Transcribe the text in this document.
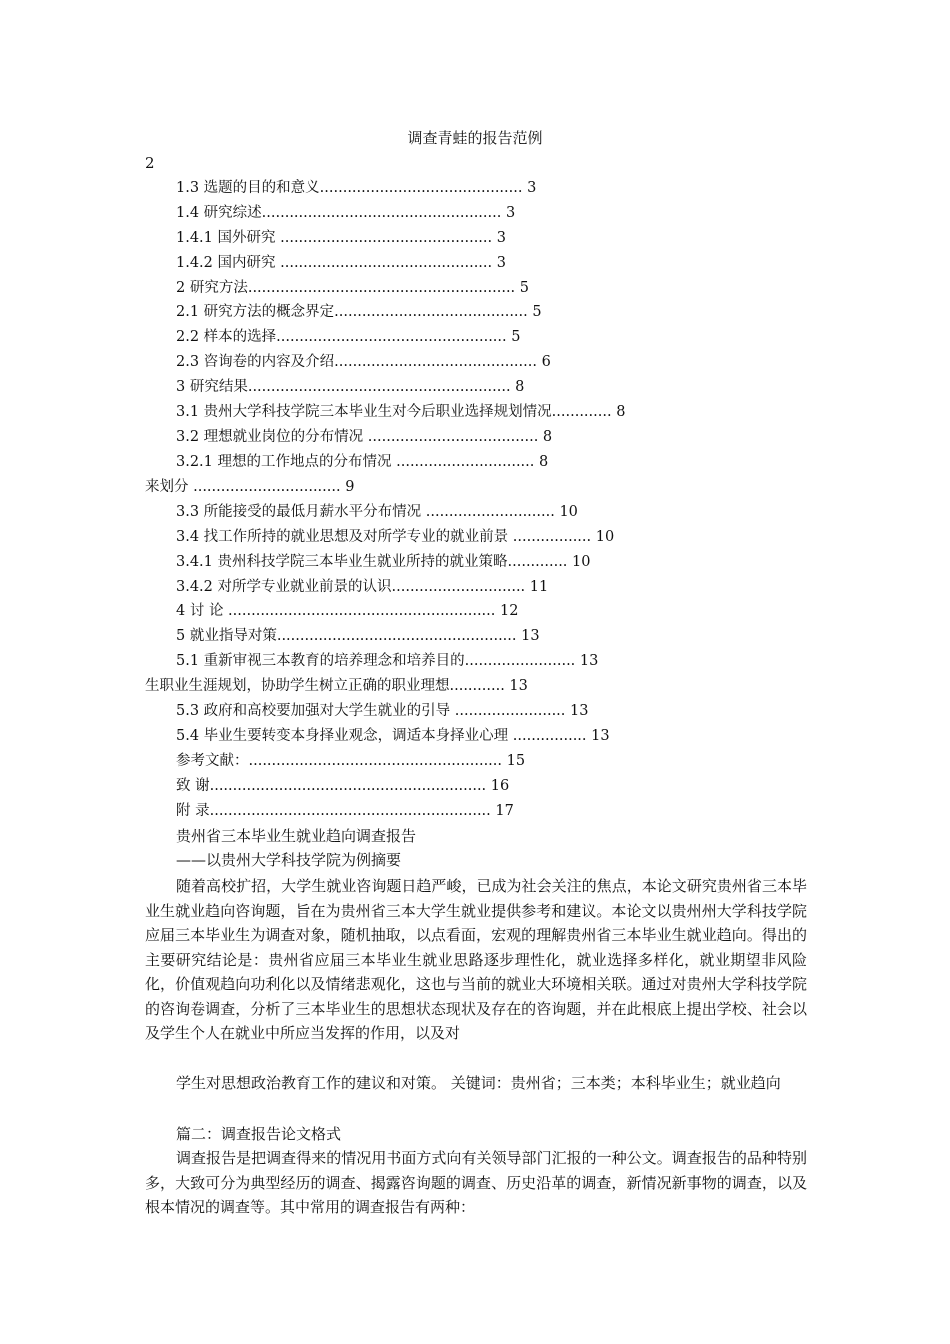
调查青蛙的报告范例
2
1.3 选题的目的和意义............................................ 3
1.4 研究综述.................................................... 3
1.4.1 国外研究 .............................................. 3
1.4.2 国内研究 .............................................. 3
2 研究方法.......................................................... 5
2.1 研究方法的概念界定.......................................... 5
2.2 样本的选择.................................................. 5
2.3 咨询卷的内容及介绍............................................ 6
3 研究结果......................................................... 8
3.1 贵州大学科技学院三本毕业生对今后职业选择规划情况............. 8
3.2 理想就业岗位的分布情况 ..................................... 8
3.2.1 理想的工作地点的分布情况 .............................. 8
来划分 ................................ 9
3.3 所能接受的最低月薪水平分布情况 ............................ 10
3.4 找工作所持的就业思想及对所学专业的就业前景 ................. 10
3.4.1 贵州科技学院三本毕业生就业所持的就业策略............. 10
3.4.2 对所学专业就业前景的认识............................. 11
4 讨 论 .......................................................... 12
5 就业指导对策.................................................... 13
5.1 重新审视三本教育的培养理念和培养目的........................ 13
生职业生涯规划，协助学生树立正确的职业理想............ 13
5.3 政府和高校要加强对大学生就业的引导 ........................ 13
5.4 毕业生要转变本身择业观念，调适本身择业心理 ................ 13
参考文献：....................................................... 15
致 谢............................................................ 16
附 录............................................................. 17
贵州省三本毕业生就业趋向调查报告
——以贵州大学科技学院为例摘要

随着高校扩招，大学生就业咨询题日趋严峻，已成为社会关注的焦点，本论文研究贵州省三本毕业生就业趋向咨询题，旨在为贵州省三本大学生就业提供参考和建议。本论文以贵州州大学科技学院应届三本毕业生为调查对象，随机抽取，以点看面，宏观的理解贵州省三本毕业生就业趋向。得出的主要研究结论是：贵州省应届三本毕业生就业思路逐步理性化，就业选择多样化，就业期望非风险化，价值观趋向功利化以及情绪悲观化，这也与当前的就业大环境相关联。通过对贵州大学科技学院的咨询卷调查，分析了三本毕业生的思想状态现状及存在的咨询题，并在此根底上提出学校、社会以及学生个人在就业中所应当发挥的作用，以及对

学生对思想政治教育工作的建议和对策。 关键词：贵州省；三本类；本科毕业生；就业趋向

篇二：调查报告论文格式

调查报告是把调查得来的情况用书面方式向有关领导部门汇报的一种公文。调查报告的品种特别多，大致可分为典型经历的调查、揭露咨询题的调查、历史沿革的调查，新情况新事物的调查，以及根本情况的调查等。其中常用的调查报告有两种：
